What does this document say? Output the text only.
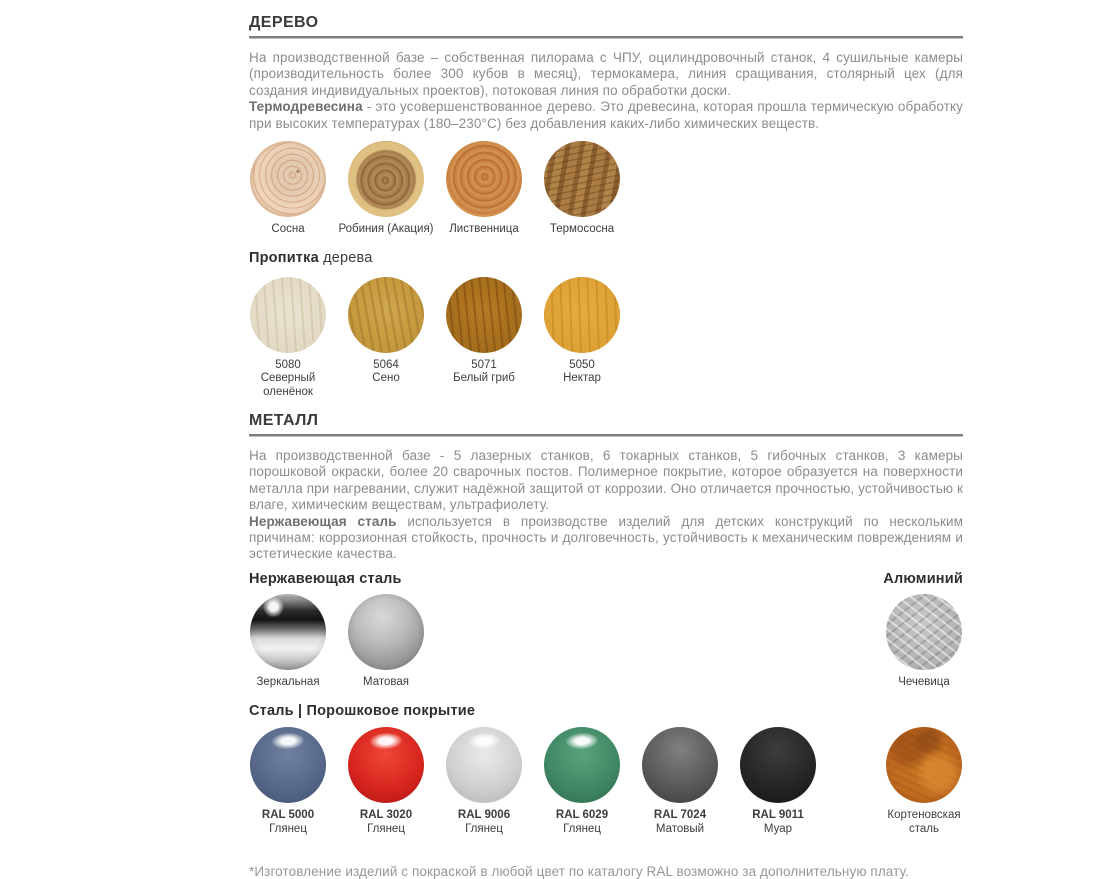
ДЕРЕВО

На производственной базе – собственная пилорама с ЧПУ, оцилиндровочный станок, 4 сушильные камеры (производительность более 300 кубов в месяц), термокамера, линия сращивания, столярный цех (для создания индивидуальных проектов), потоковая линия по обработки доски.

Термодревесина - это усовершенствованное дерево. Это древесина, которая прошла термическую обработку при высоких температурах (180–230°С) без добавления каких-либо химических веществ.

Сосна	Робиния (Акация) Лиственница	Термососна
Пропитка дерева
5080
Северный оленёнок
5064
Сено
5071
Белый гриб
5050
Нектар
МЕТАЛЛ

На производственной базе - 5 лазерных станков, 6 токарных станков, 5 гибочных станков, 3 камеры порошковой окраски, более 20 сварочных постов. Полимерное покрытие, которое образуется на поверхности металла при нагревании, служит надёжной защитой от коррозии. Оно отличается прочностью, устойчивостью к влаге, химическим веществам, ультрафиолету.

Нержавеющая сталь используется в производстве изделий для детских конструкций по нескольким причинам: коррозионная стойкость, прочность и долговечность, устойчивость к механическим повреждениям и эстетические качества.

Нержавеющая сталь	Алюминий
Зеркальная	Матовая	Чечевица
Сталь | Порошковое покрытие
RAL 5000
Глянец
RAL 3020
Глянец
RAL 9006
Глянец
RAL 6029
Глянец
RAL 7024
Матовый
RAL 9011
Муар
Кортеновская сталь
*Изготовление изделий с покраской в любой цвет по каталогу RAL возможно за дополнительную плату.
